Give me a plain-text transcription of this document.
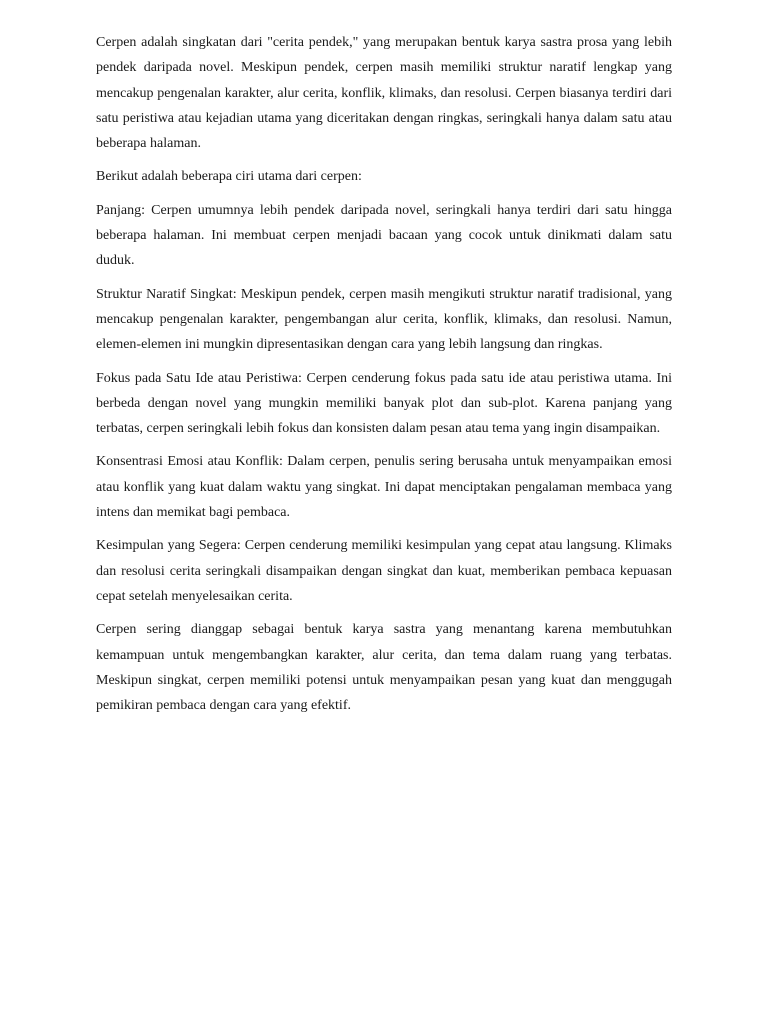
Cerpen adalah singkatan dari "cerita pendek," yang merupakan bentuk karya sastra prosa yang lebih pendek daripada novel. Meskipun pendek, cerpen masih memiliki struktur naratif lengkap yang mencakup pengenalan karakter, alur cerita, konflik, klimaks, dan resolusi. Cerpen biasanya terdiri dari satu peristiwa atau kejadian utama yang diceritakan dengan ringkas, seringkali hanya dalam satu atau beberapa halaman.

Berikut adalah beberapa ciri utama dari cerpen:

Panjang: Cerpen umumnya lebih pendek daripada novel, seringkali hanya terdiri dari satu hingga beberapa halaman. Ini membuat cerpen menjadi bacaan yang cocok untuk dinikmati dalam satu duduk.

Struktur Naratif Singkat: Meskipun pendek, cerpen masih mengikuti struktur naratif tradisional, yang mencakup pengenalan karakter, pengembangan alur cerita, konflik, klimaks, dan resolusi. Namun, elemen-elemen ini mungkin dipresentasikan dengan cara yang lebih langsung dan ringkas.

Fokus pada Satu Ide atau Peristiwa: Cerpen cenderung fokus pada satu ide atau peristiwa utama. Ini berbeda dengan novel yang mungkin memiliki banyak plot dan sub-plot. Karena panjang yang terbatas, cerpen seringkali lebih fokus dan konsisten dalam pesan atau tema yang ingin disampaikan.

Konsentrasi Emosi atau Konflik: Dalam cerpen, penulis sering berusaha untuk menyampaikan emosi atau konflik yang kuat dalam waktu yang singkat. Ini dapat menciptakan pengalaman membaca yang intens dan memikat bagi pembaca.

Kesimpulan yang Segera: Cerpen cenderung memiliki kesimpulan yang cepat atau langsung. Klimaks dan resolusi cerita seringkali disampaikan dengan singkat dan kuat, memberikan pembaca kepuasan cepat setelah menyelesaikan cerita.

Cerpen sering dianggap sebagai bentuk karya sastra yang menantang karena membutuhkan kemampuan untuk mengembangkan karakter, alur cerita, dan tema dalam ruang yang terbatas. Meskipun singkat, cerpen memiliki potensi untuk menyampaikan pesan yang kuat dan menggugah pemikiran pembaca dengan cara yang efektif.
